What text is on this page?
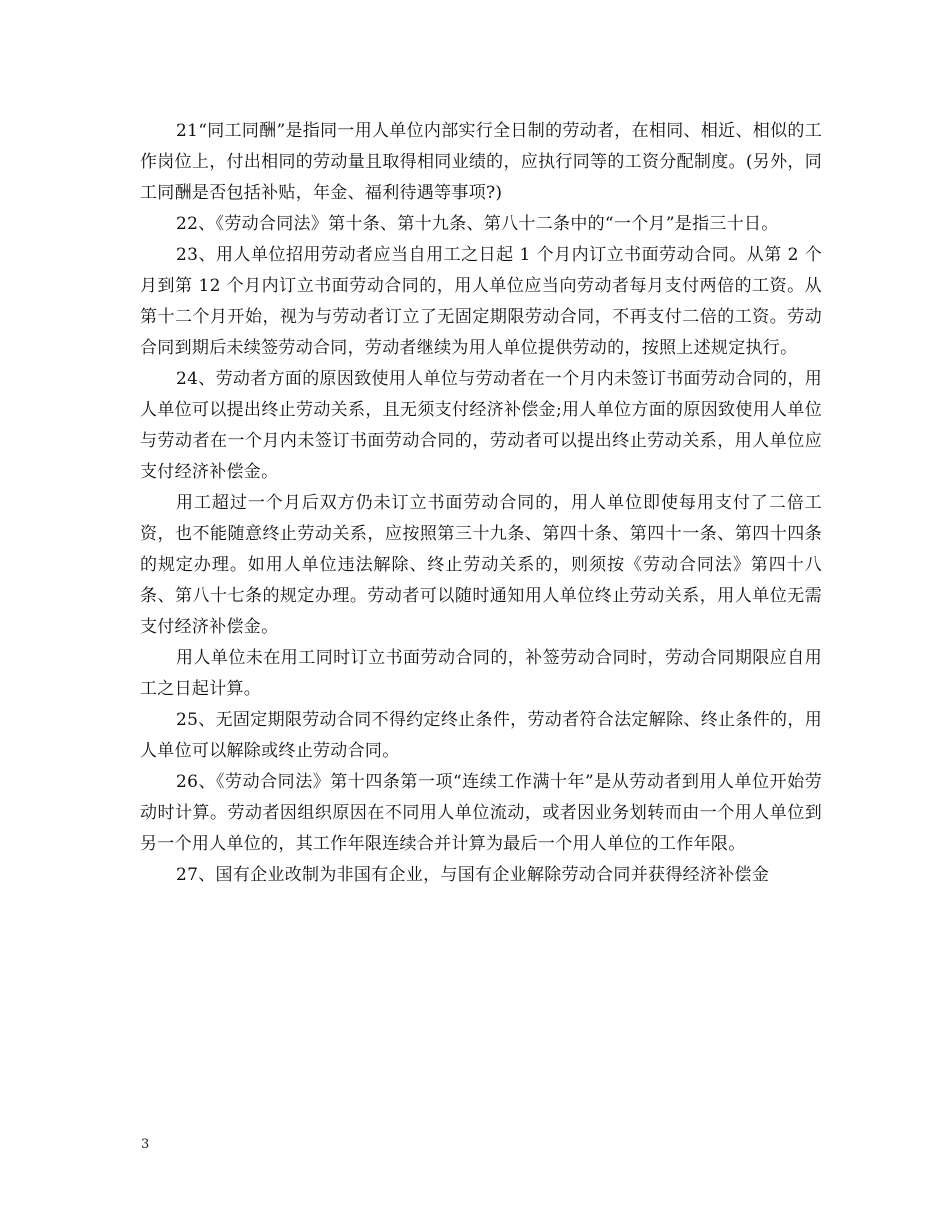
21“同工同酬”是指同一用人单位内部实行全日制的劳动者，在相同、相近、相似的工作岗位上，付出相同的劳动量且取得相同业绩的，应执行同等的工资分配制度。(另外，同工同酬是否包括补贴，年金、福利待遇等事项?)

22、《劳动合同法》第十条、第十九条、第八十二条中的“一个月”是指三十日。

23、用人单位招用劳动者应当自用工之日起 1 个月内订立书面劳动合同。从第 2 个月到第 12 个月内订立书面劳动合同的，用人单位应当向劳动者每月支付两倍的工资。从第十二个月开始，视为与劳动者订立了无固定期限劳动合同，不再支付二倍的工资。劳动合同到期后未续签劳动合同，劳动者继续为用人单位提供劳动的，按照上述规定执行。

24、劳动者方面的原因致使用人单位与劳动者在一个月内未签订书面劳动合同的，用人单位可以提出终止劳动关系，且无须支付经济补偿金;用人单位方面的原因致使用人单位与劳动者在一个月内未签订书面劳动合同的，劳动者可以提出终止劳动关系，用人单位应支付经济补偿金。

用工超过一个月后双方仍未订立书面劳动合同的，用人单位即使每用支付了二倍工资，也不能随意终止劳动关系，应按照第三十九条、第四十条、第四十一条、第四十四条的规定办理。如用人单位违法解除、终止劳动关系的，则须按《劳动合同法》第四十八条、第八十七条的规定办理。劳动者可以随时通知用人单位终止劳动关系，用人单位无需支付经济补偿金。

用人单位未在用工同时订立书面劳动合同的，补签劳动合同时，劳动合同期限应自用工之日起计算。

25、无固定期限劳动合同不得约定终止条件，劳动者符合法定解除、终止条件的，用人单位可以解除或终止劳动合同。

26、《劳动合同法》第十四条第一项“连续工作满十年”是从劳动者到用人单位开始劳动时计算。劳动者因组织原因在不同用人单位流动，或者因业务划转而由一个用人单位到另一个用人单位的，其工作年限连续合并计算为最后一个用人单位的工作年限。

27、国有企业改制为非国有企业，与国有企业解除劳动合同并获得经济补偿金

3
